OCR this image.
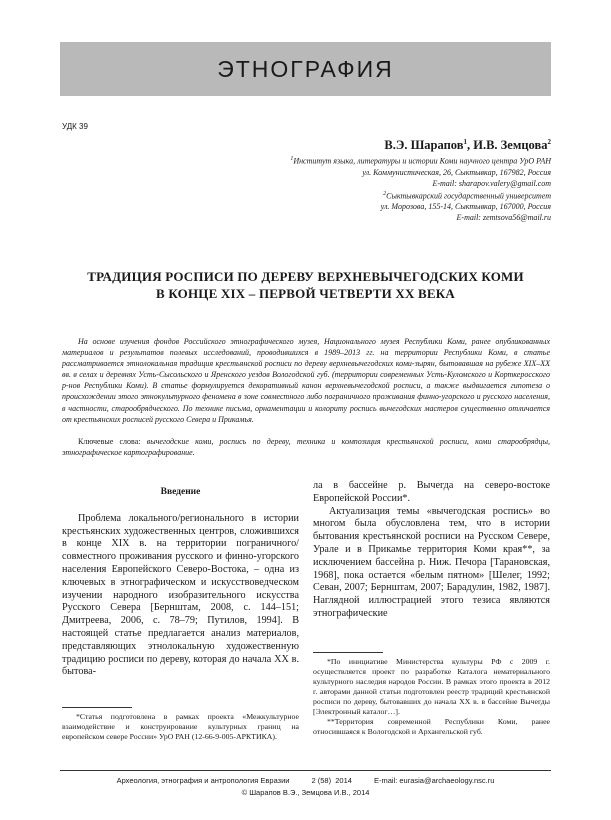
ЭТНОГРАФИЯ
УДК 39
В.Э. Шарапов$^1$, И.В. Земцова$^2$
$^1$Институт языка, литературы и истории Коми научного центра УрО РАН
ул. Коммунистическая, 26, Сыктывкар, 167982, Россия
E-mail: sharapov.valery@gmail.com
$^2$Сыктывкарский государственный университет
ул. Морозова, 155-14, Сыктывкар, 167000, Россия
E-mail: zemtsova56@mail.ru
ТРАДИЦИЯ РОСПИСИ ПО ДЕРЕВУ ВЕРХНЕВЫЧЕГОДСКИХ КОМИ
В КОНЦЕ XIX – ПЕРВОЙ ЧЕТВЕРТИ XX ВЕКА

На основе изучения фондов Российского этнографического музея, Национального музея Республики Коми, ранее опубликованных материалов и результатов полевых исследований, проводившихся в 1989–2013 гг. на территории Республики Коми, в статье рассматривается этнолокальная традиция крестьянской росписи по дереву верхневычегодских коми-зырян, бытовавшая на рубеже XIX–XX вв. в селах и деревнях Усть-Сысольского и Яренского уездов Вологодской губ. (территории современных Усть-Куломского и Корткеросского р-нов Республики Коми). В статье формулируется декоративный канон верхневычегодской росписи, а также выдвигается гипотеза о происхождении этого этнокультурного феномена в зоне совместного либо пограничного проживания финно-угорского и русского населения, в частности, старообрядческого. По технике письма, орнаментации и колориту роспись вычегодских мастеров существенно отличается от крестьянских росписей русского Севера и Прикамья.

Ключевые слова: вычегодские коми, роспись по дереву, техника и композиция крестьянской росписи, коми старообрядцы, этнографическое картографирование.

Введение

Проблема локального/регионального в истории крестьянских художественных центров, сложившихся в конце XIX в. на территории пограничного/совместного проживания русского и финно-угорского населения Европейского Северо-Востока, – одна из ключевых в этнографическом и искусствоведческом изучении народного изобразительного искусства Русского Севера [Бернштам, 2008, с. 144–151; Дмитреева, 2006, с. 78–79; Путилов, 1994]. В настоящей статье предлагается анализ материалов, представляющих этнолокальную художественную традицию росписи по дереву, которая до начала XX в. бытова-

ла в бассейне р. Вычегда на северо-востоке Европейской России*.

Актуализация темы «вычегодская роспись» во многом была обусловлена тем, что в истории бытования крестьянской росписи на Русском Севере, Урале и в Прикамье территория Коми края**, за исключением бассейна р. Ниж. Печора [Тарановская, 1968], пока остается «белым пятном» [Шелег, 1992; Севан, 2007; Бернштам, 2007; Барадулин, 1982, 1987]. Наглядной иллюстрацией этого тезиса являются этнографические

*Статья подготовлена в рамках проекта «Межкультурное взаимодействие и конструирование культурных границ на европейском севере России» УрО РАН (12-66-9-005-АРКТИКА).

*По инициативе Министерства культуры РФ с 2009 г. осуществляется проект по разработке Каталога нематериального культурного наследия народов России. В рамках этого проекта в 2012 г. авторами данной статьи подготовлен реестр традиций крестьянской росписи по дереву, бытовавших до начала XX в. в бассейне Вычегды [Электронный каталог…].

**Территория современной Республики Коми, ранее относившаяся к Вологодской и Архангельской губ.

Археология, этнография и антропология Евразии	2 (58) 2014	E-mail: eurasia@archaeology.nsc.ru
© Шарапов В.Э., Земцова И.В., 2014
